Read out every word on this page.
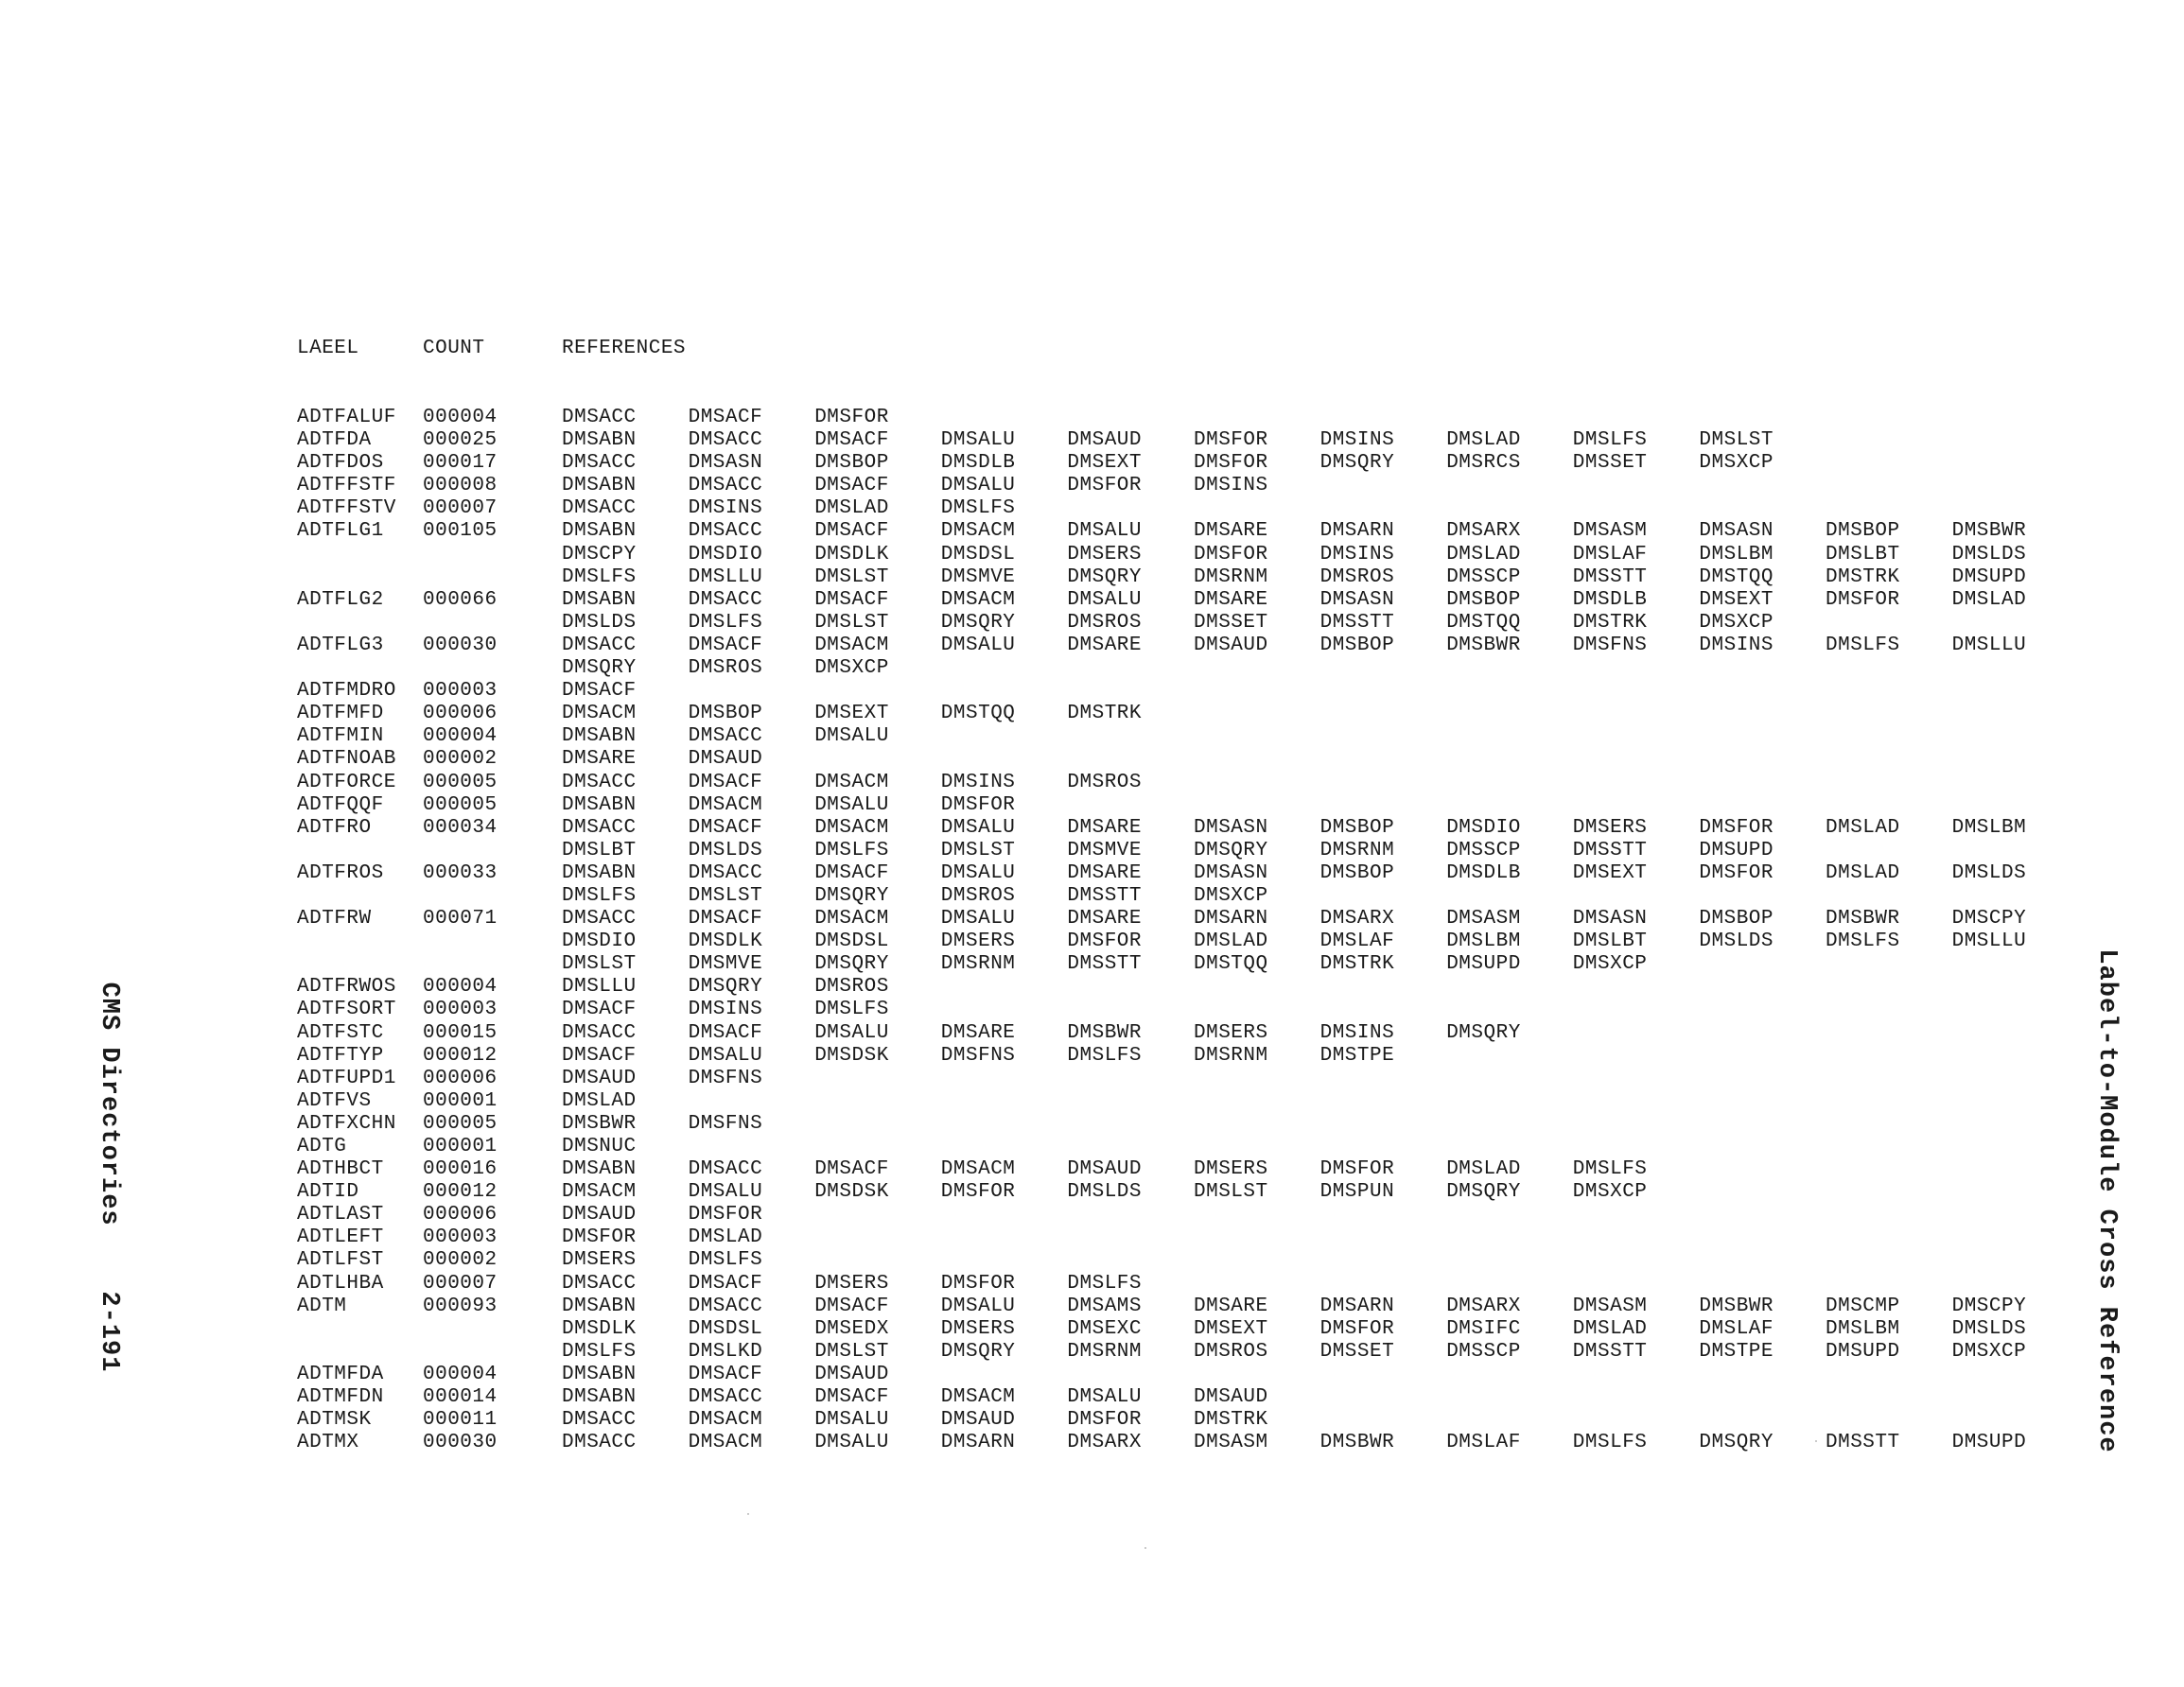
LAEEL	COUNT	REFERENCES
ADTFALUF 000004	DMSACC	DMSACF	DMSFOR
ADTFDA	000025	DMSABN	DMSACC	DMSACF	DMSALU	DMSAUD	DMSFOR	DMSINS	DMSLAD	DMSLFS	DMSLST
ADTFDOS 000017	DMSACC	DMSASN	DMSBOP	DMSDLB	DMSEXT	DMSFOR	DMSQRY	DMSRCS	DMSSET	DMSXCP
ADTFFSTF 000008	DMSABN	DMSACC	DMSACF	DMSALU	DMSFOR	DMSINS
ADTFFSTV 000007	DMSACC	DMSINS	DMSLAD	DMSLFS
ADTFLG1 000105	DMSABN	DMSACC	DMSACF	DMSACM	DMSALU	DMSARE	DMSARN	DMSARX	DMSASM	DMSASN	DMSBOP	DMSBWR
DMSCPY	DMSDIO	DMSDLK	DMSDSL	DMSERS	DMSFOR	DMSINS	DMSLAD	DMSLAF	DMSLBM	DMSLBT	DMSLDS
DMSLFS	DMSLLU	DMSLST	DMSMVE	DMSQRY	DMSRNM	DMSROS	DMSSCP	DMSSTT	DMSTQQ	DMSTRK	DMSUPD
ADTFLG2 000066	DMSABN	DMSACC	DMSACF	DMSACM	DMSALU	DMSARE	DMSASN	DMSBOP	DMSDLB	DMSEXT	DMSFOR	DMSLAD
DMSLDS	DMSLFS	DMSLST	DMSQRY	DMSROS	DMSSET	DMSSTT	DMSTQQ	DMSTRK	DMSXCP
ADTFLG3 000030	DMSACC	DMSACF	DMSACM	DMSALU	DMSARE	DMSAUD	DMSBOP	DMSBWR	DMSFNS	DMSINS	DMSLFS	DMSLLU
DMSQRY	DMSROS	DMSXCP
ADTFMDRO 000003	DMSACF
ADTFMFD 000006	DMSACM	DMSBOP	DMSEXT	DMSTQQ	DMSTRK
ADTFMIN 000004	DMSABN	DMSACC	DMSALU
ADTFNOAB 000002	DMSARE	DMSAUD
ADTFORCE 000005	DMSACC	DMSACF	DMSACM	DMSINS	DMSROS
ADTFQQF 000005	DMSABN	DMSACM	DMSALU	DMSFOR
ADTFRO	000034	DMSACC	DMSACF	DMSACM	DMSALU	DMSARE	DMSASN	DMSBOP	DMSDIO	DMSERS	DMSFOR	DMSLAD	DMSLBM
DMSLBT	DMSLDS	DMSLFS	DMSLST	DMSMVE	DMSQRY	DMSRNM	DMSSCP	DMSSTT	DMSUPD
ADTFROS 000033	DMSABN	DMSACC	DMSACF	DMSALU	DMSARE	DMSASN	DMSBOP	DMSDLB	DMSEXT	DMSFOR	DMSLAD	DMSLDS
DMSLFS	DMSLST	DMSQRY	DMSROS	DMSSTT	DMSXCP
ADTFRW	000071	DMSACC	DMSACF	DMSACM	DMSALU	DMSARE	DMSARN	DMSARX	DMSASM	DMSASN	DMSBOP	DMSBWR	DMSCPY
DMSDIO	DMSDLK	DMSDSL	DMSERS	DMSFOR	DMSLAD	DMSLAF	DMSLBM	DMSLBT	DMSLDS	DMSLFS	DMSLLU
DMSLST	DMSMVE	DMSQRY	DMSRNM	DMSSTT	DMSTQQ	DMSTRK	DMSUPD	DMSXCP
ADTFRWOS 000004	DMSLLU	DMSQRY	DMSROS
ADTFSORT 000003	DMSACF	DMSINS	DMSLFS
ADTFSTC 000015	DMSACC	DMSACF	DMSALU	DMSARE	DMSBWR	DMSERS	DMSINS	DMSQRY
ADTFTYP 000012	DMSACF	DMSALU	DMSDSK	DMSFNS	DMSLFS	DMSRNM	DMSTPE
ADTFUPD1 000006	DMSAUD	DMSFNS
ADTFVS	000001	DMSLAD
ADTFXCHN 000005	DMSBWR	DMSFNS
ADTG	000001	DMSNUC
ADTHBCT 000016	DMSABN	DMSACC	DMSACF	DMSACM	DMSAUD	DMSERS	DMSFOR	DMSLAD	DMSLFS
ADTID	000012	DMSACM	DMSALU	DMSDSK	DMSFOR	DMSLDS	DMSLST	DMSPUN	DMSQRY	DMSXCP
ADTLAST 000006	DMSAUD	DMSFOR
ADTLEFT 000003	DMSFOR	DMSLAD
ADTLFST 000002	DMSERS	DMSLFS
ADTLHBA 000007	DMSACC	DMSACF	DMSERS	DMSFOR	DMSLFS
ADTM	000093	DMSABN	DMSACC	DMSACF	DMSALU	DMSAMS	DMSARE	DMSARN	DMSARX	DMSASM	DMSBWR	DMSCMP	DMSCPY
DMSDLK	DMSDSL	DMSEDX	DMSERS	DMSEXC	DMSEXT	DMSFOR	DMSIFC	DMSLAD	DMSLAF	DMSLBM	DMSLDS
DMSLFS	DMSLKD	DMSLST	DMSQRY	DMSRNM	DMSROS	DMSSET	DMSSCP	DMSSTT	DMSTPE	DMSUPD	DMSXCP
ADTMFDA 000004	DMSABN	DMSACF	DMSAUD
ADTMFDN 000014	DMSABN	DMSACC	DMSACF	DMSACM	DMSALU	DMSAUD
ADTMSK	000011	DMSACC	DMSACM	DMSALU	DMSAUD	DMSFOR	DMSTRK
ADTMX	000030	DMSACC	DMSACM	DMSALU	DMSARN	DMSARX	DMSASM	DMSBWR	DMSLAF	DMSLFS	DMSQRY	DMSSTT	DMSUPD
CMS Directories    2-191	Label-to-Module Cross Reference
